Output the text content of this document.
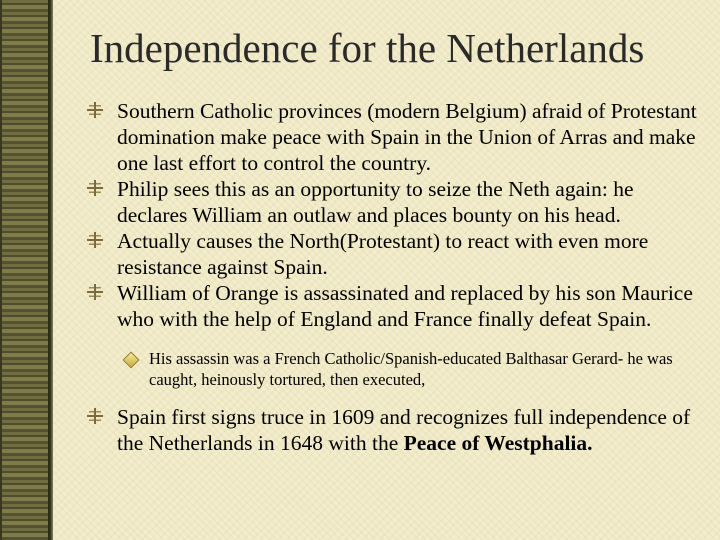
Independence for the Netherlands
Southern Catholic provinces (modern Belgium) afraid of Protestant domination make peace with Spain in the Union of Arras and make one last effort to control the country.
Philip sees this as an opportunity to seize the Neth again: he declares William an outlaw and places bounty on his head.
Actually causes the North(Protestant) to react with even more resistance against Spain.
William of Orange is assassinated and replaced by his son Maurice who with the help of England and France finally defeat Spain.
His assassin was a French Catholic/Spanish-educated Balthasar Gerard- he was caught, heinously tortured, then executed,
Spain first signs truce in 1609 and recognizes full independence of the Netherlands in 1648 with the Peace of Westphalia.
